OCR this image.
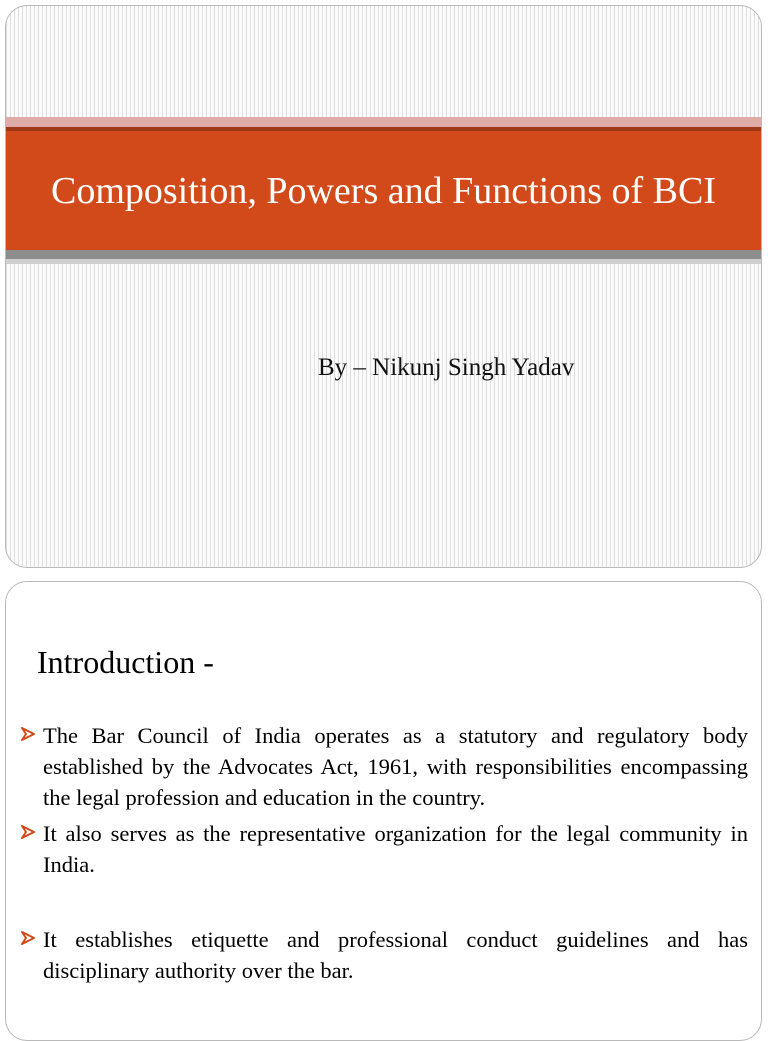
Composition, Powers and Functions of BCI

By – Nikunj Singh Yadav

Introduction -

The Bar Council of India operates as a statutory and regulatory body established by the Advocates Act, 1961, with responsibilities encompassing the legal profession and education in the country.

It also serves as the representative organization for the legal community in India.

It establishes etiquette and professional conduct guidelines and has disciplinary authority over the bar.
